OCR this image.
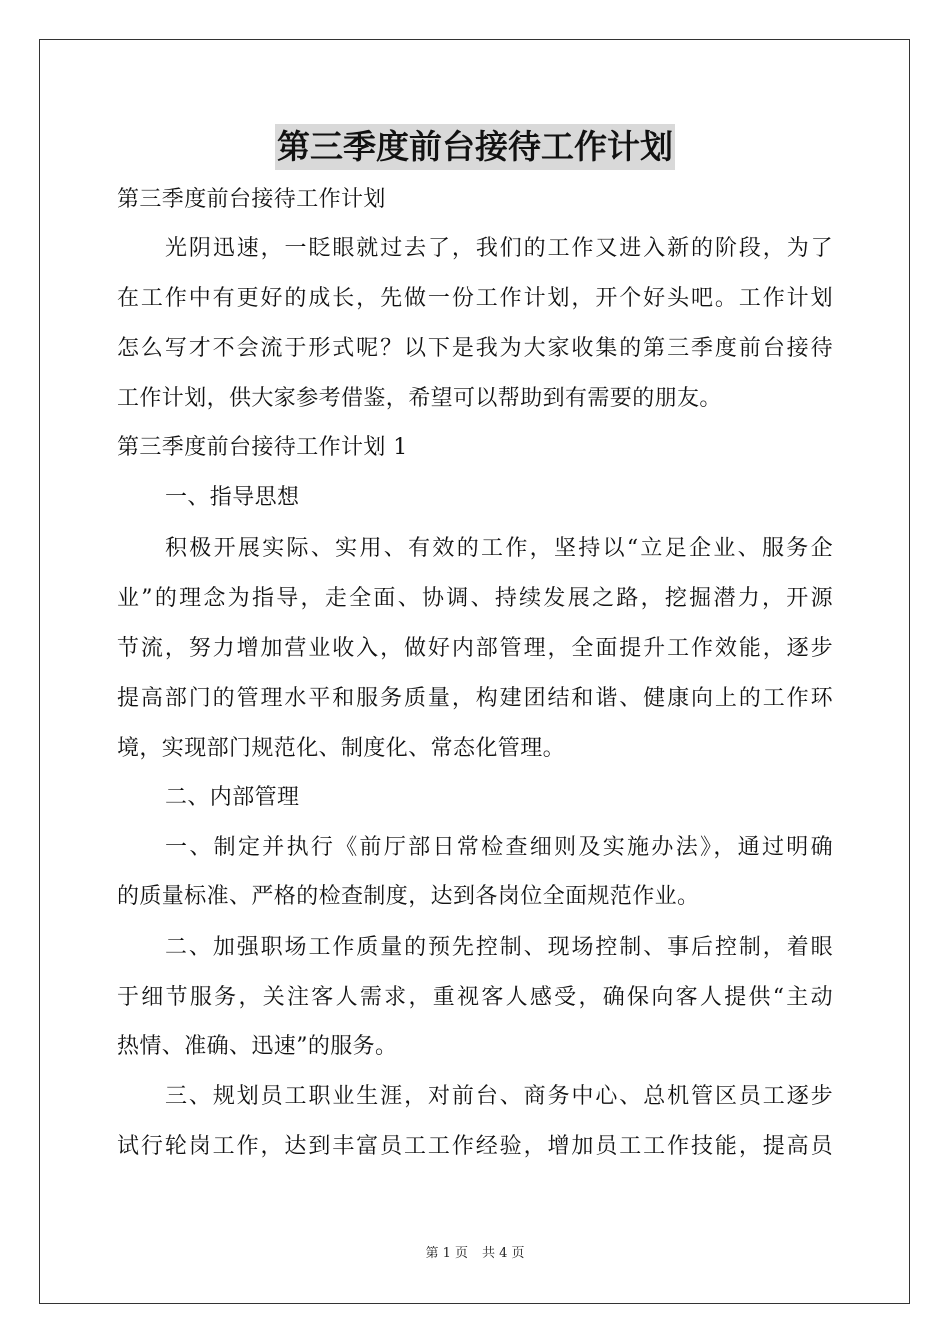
第三季度前台接待工作计划
第三季度前台接待工作计划
光阴迅速，一眨眼就过去了，我们的工作又进入新的阶段，为了
在工作中有更好的成长，先做一份工作计划，开个好头吧。工作计划
怎么写才不会流于形式呢？以下是我为大家收集的第三季度前台接待
工作计划，供大家参考借鉴，希望可以帮助到有需要的朋友。
第三季度前台接待工作计划 1
一、指导思想
积极开展实际、实用、有效的工作，坚持以“立足企业、服务企
业”的理念为指导，走全面、协调、持续发展之路，挖掘潜力，开源
节流，努力增加营业收入，做好内部管理，全面提升工作效能，逐步
提高部门的管理水平和服务质量，构建团结和谐、健康向上的工作环
境，实现部门规范化、制度化、常态化管理。
二、内部管理
一、制定并执行《前厅部日常检查细则及实施办法》，通过明确
的质量标准、严格的检查制度，达到各岗位全面规范作业。
二、加强职场工作质量的预先控制、现场控制、事后控制，着眼
于细节服务，关注客人需求，重视客人感受，确保向客人提供“主动
热情、准确、迅速”的服务。
三、规划员工职业生涯，对前台、商务中心、总机管区员工逐步
试行轮岗工作，达到丰富员工工作经验，增加员工工作技能，提高员
第 1 页 共 4 页
